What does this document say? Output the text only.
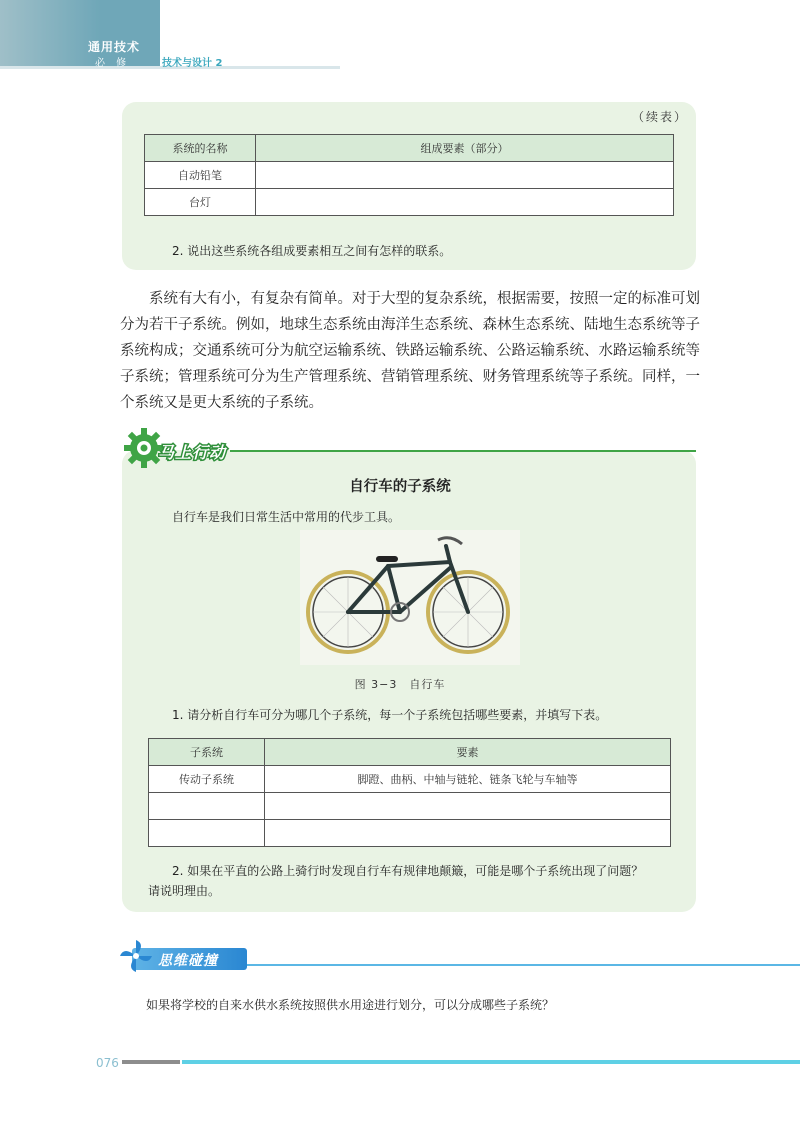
通用技术
必 修	技术与设计 2
（续表）
系统的名称	组成要素（部分）
自动铅笔	
台灯	
2. 说出这些系统各组成要素相互之间有怎样的联系。

系统有大有小，有复杂有简单。对于大型的复杂系统，根据需要，按照一定的标准可划分为若干子系统。例如，地球生态系统由海洋生态系统、森林生态系统、陆地生态系统等子系统构成；交通系统可分为航空运输系统、铁路运输系统、公路运输系统、水路运输系统等子系统；管理系统可分为生产管理系统、营销管理系统、财务管理系统等子系统。同样，一个系统又是更大系统的子系统。

马上行动
自行车的子系统
自行车是我们日常生活中常用的代步工具。
图 3−3　自行车
1. 请分析自行车可分为哪几个子系统，每一个子系统包括哪些要素，并填写下表。
子系统	要素
传动子系统	脚蹬、曲柄、中轴与链轮、链条飞轮与车轴等

2. 如果在平直的公路上骑行时发现自行车有规律地颠簸，可能是哪个子系统出现了问题？
请说明理由。
思维碰撞
如果将学校的自来水供水系统按照供水用途进行划分，可以分成哪些子系统？
076
